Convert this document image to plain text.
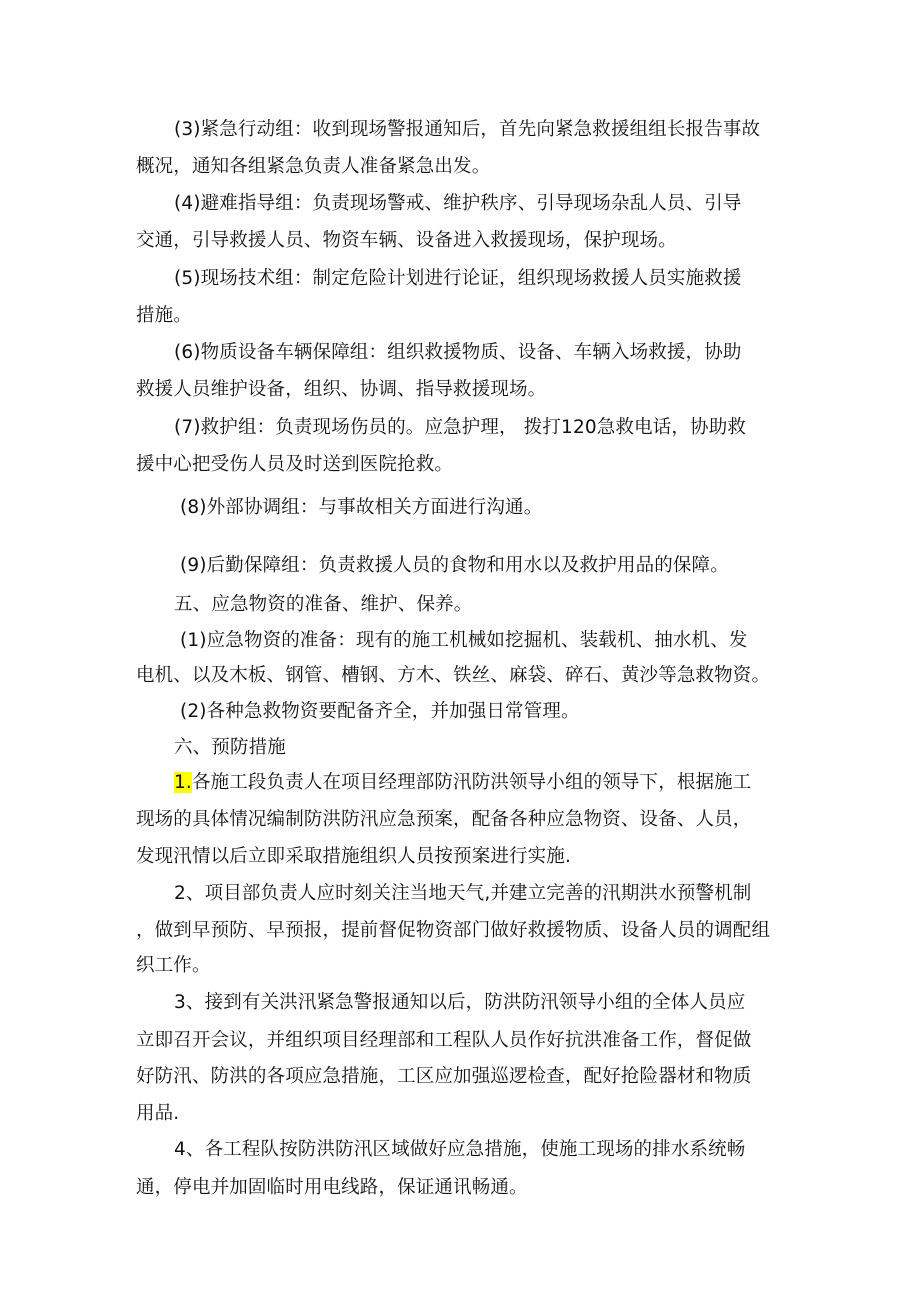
(3)紧急行动组：收到现场警报通知后，首先向紧急救援组组长报告事故
概况，通知各组紧急负责人准备紧急出发。
(4)避难指导组：负责现场警戒、维护秩序、引导现场杂乱人员、引导
交通，引导救援人员、物资车辆、设备进入救援现场，保护现场。
(5)现场技术组：制定危险计划进行论证，组织现场救援人员实施救援
措施。
(6)物质设备车辆保障组：组织救援物质、设备、车辆入场救援，协助
救援人员维护设备，组织、协调、指导救援现场。
(7)救护组：负责现场伤员的。应急护理， 拨打120急救电话，协助救
援中心把受伤人员及时送到医院抢救。
(8)外部协调组：与事故相关方面进行沟通。
(9)后勤保障组：负责救援人员的食物和用水以及救护用品的保障。
五、应急物资的准备、维护、保养。
(1)应急物资的准备：现有的施工机械如挖掘机、装载机、抽水机、发
电机、以及木板、钢管、槽钢、方木、铁丝、麻袋、碎石、黄沙等急救物资。
(2)各种急救物资要配备齐全，并加强日常管理。
六、预防措施
1.各施工段负责人在项目经理部防汛防洪领导小组的领导下，根据施工
现场的具体情况编制防洪防汛应急预案，配备各种应急物资、设备、人员，
发现汛情以后立即采取措施组织人员按预案进行实施.
2、项目部负责人应时刻关注当地天气,并建立完善的汛期洪水预警机制
，做到早预防、早预报，提前督促物资部门做好救援物质、设备人员的调配组
织工作。
3、接到有关洪汛紧急警报通知以后，防洪防汛领导小组的全体人员应
立即召开会议，并组织项目经理部和工程队人员作好抗洪准备工作，督促做
好防汛、防洪的各项应急措施，工区应加强巡逻检查，配好抢险器材和物质
用品.
4、各工程队按防洪防汛区域做好应急措施，使施工现场的排水系统畅
通，停电并加固临时用电线路，保证通讯畅通。
